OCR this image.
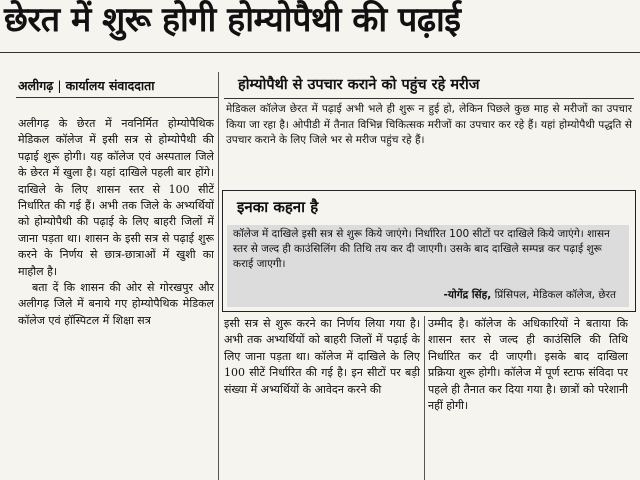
छेरत में शुरू होगी होम्योपैथी की पढ़ाई
अलीगढ़ | कार्यालय संवाददाता

अलीगढ़ के छेरत में नवनिर्मित होम्योपैथिक मेडिकल कॉलेज में इसी सत्र से होम्योपैथी की पढ़ाई शुरू होगी। यह कॉलेज एवं अस्पताल जिले के छेरत में खुला है। यहां दाखिले पहली बार होंगे। दाखिले के लिए शासन स्तर से 100 सीटें निर्धारित की गई हैं। अभी तक जिले के अभ्यर्थियों को होम्योपैथी की पढ़ाई के लिए बाहरी जिलों में जाना पड़ता था। शासन के इसी सत्र से पढ़ाई शुरू करने के निर्णय से छात्र-छात्राओं में खुशी का माहौल है।

बता दें कि शासन की ओर से गोरखपुर और अलीगढ़ जिले में बनाये गए होम्योपैथिक मेडिकल कॉलेज एवं हॉस्पिटल में शिक्षा सत्र

होम्योपैथी से उपचार कराने को पहुंच रहे मरीज

मेडिकल कॉलेज छेरत में पढ़ाई अभी भले ही शुरू न हुई हो, लेकिन पिछले कुछ माह से मरीजों का उपचार किया जा रहा है। ओपीडी में तैनात विभिन्न चिकित्सक मरीजों का उपचार कर रहे हैं। यहां होम्योपैथी पद्धति से उपचार कराने के लिए जिले भर से मरीज पहुंच रहे हैं।

इनका कहना है

कॉलेज में दाखिले इसी सत्र से शुरू किये जाएंगे। निर्धारित 100 सीटों पर दाखिले किये जाएंगे। शासन स्तर से जल्द ही काउंसिलिंग की तिथि तय कर दी जाएगी। उसके बाद दाखिले सम्पन्न कर पढ़ाई शुरू कराई जाएगी।

-योगेंद्र सिंह, प्रिंसिपल, मेडिकल कॉलेज, छेरत

इसी सत्र से शुरू करने का निर्णय लिया गया है। अभी तक अभ्यर्थियों को बाहरी जिलों में पढ़ाई के लिए जाना पड़ता था। कॉलेज में दाखिले के लिए 100 सीटें निर्धारित की गई है। इन सीटों पर बड़ी संख्या में अभ्यर्थियों के आवेदन करने की

उम्मीद है। कॉलेज के अधिकारियों ने बताया कि शासन स्तर से जल्द ही काउंसिलि की तिथि निर्धारित कर दी जाएगी। इसके बाद दाखिला प्रक्रिया शुरू होगी। कॉलेज में पूर्ण स्टाफ संविदा पर पहले ही तैनात कर दिया गया है। छात्रों को परेशानी नहीं होगी।
